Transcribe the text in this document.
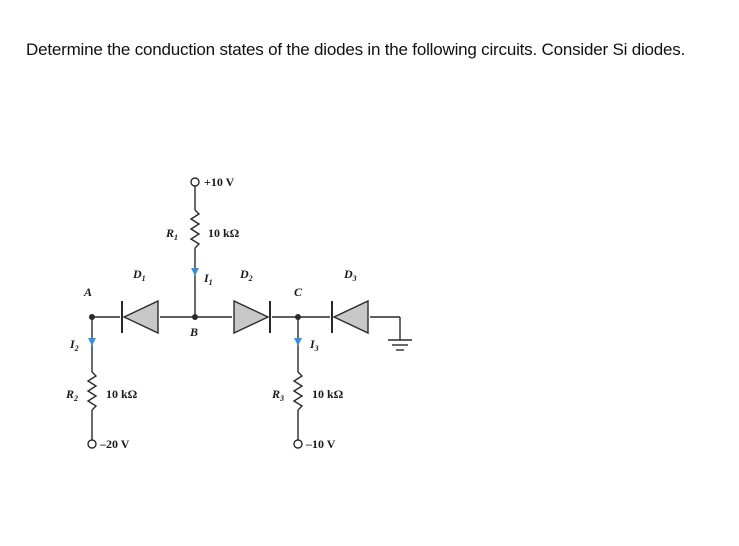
Determine the conduction states of the diodes in the following circuits. Consider Si diodes.
+10 V
–20 V	–10 V
$R_1$
$R_2$	$R_3$
10 kΩ
10 kΩ	10 kΩ
$D_1$	$D_2$	$D_3$
$I_1$
$I_2$	$I_3$
A
B
C
